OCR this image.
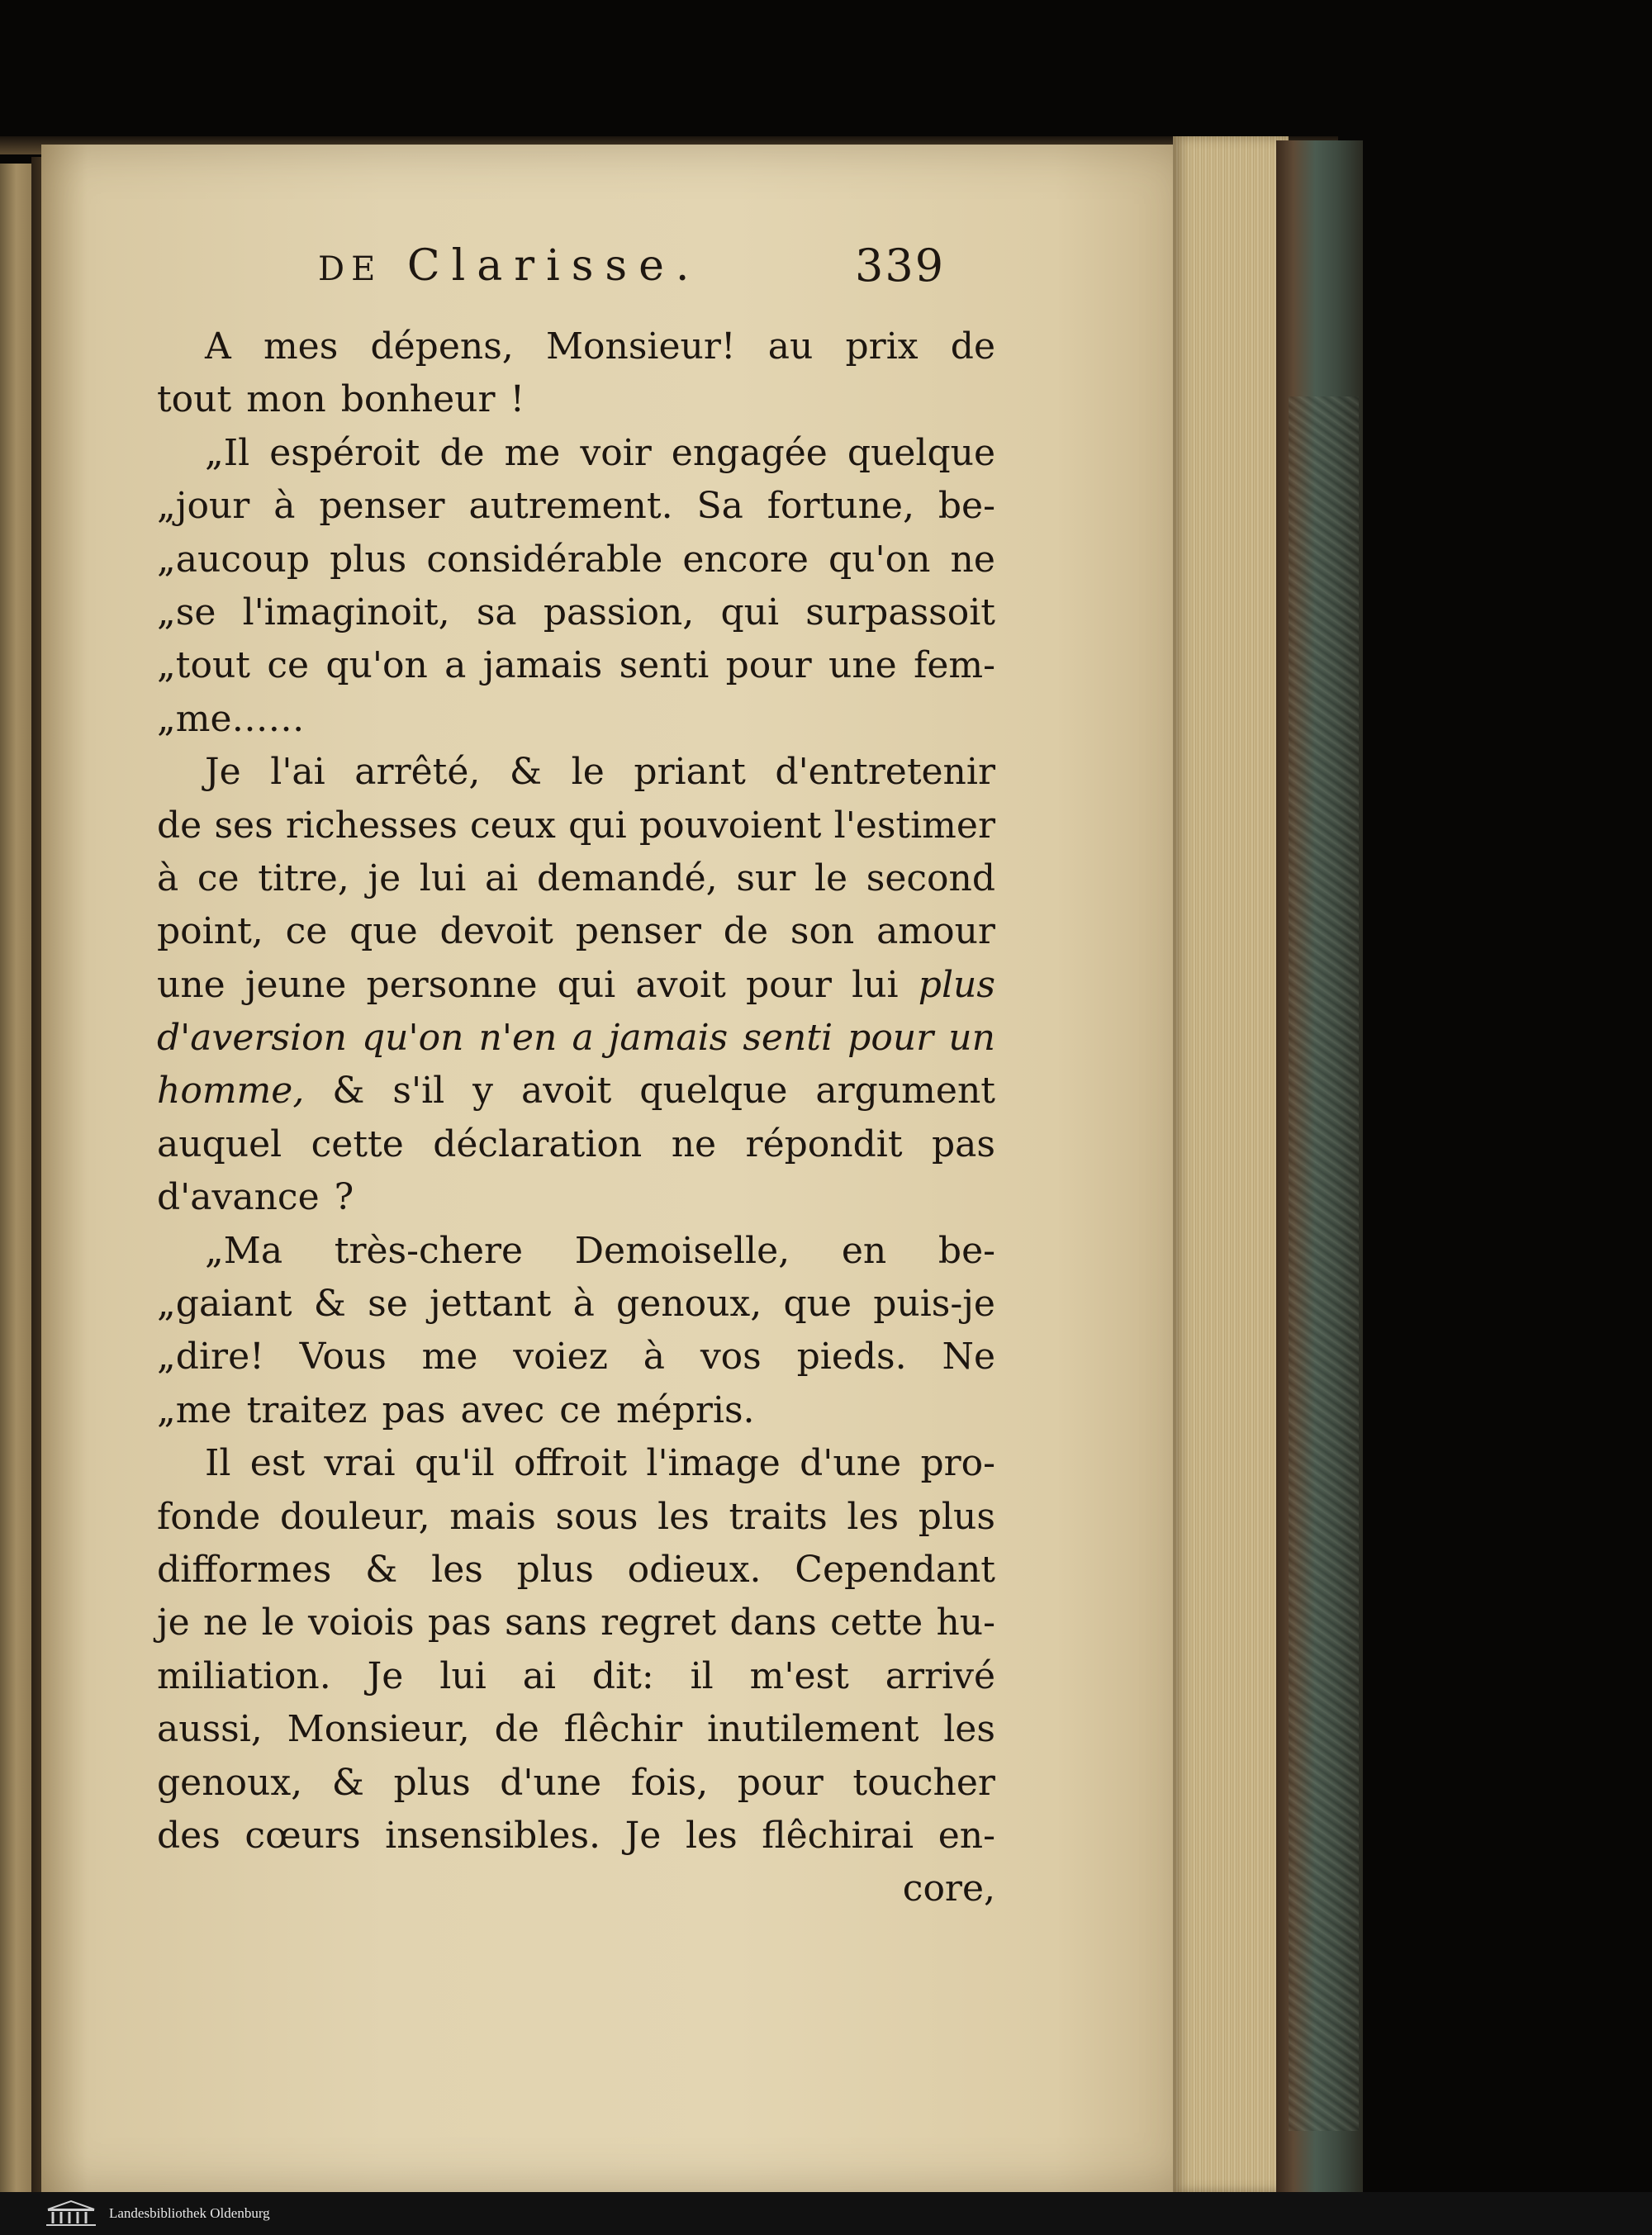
DE Clarisse.	339
A mes dépens, Monsieur! au prix de
tout mon bonheur !
„Il espéroit de me voir engagée quelque
„jour à penser autrement. Sa fortune, be-
„aucoup plus considérable encore qu'on ne
„se l'imaginoit, sa passion, qui surpassoit
„tout ce qu'on a jamais senti pour une fem-
„me……
Je l'ai arrêté, & le priant d'entretenir
de ses richesses ceux qui pouvoient l'estimer
à ce titre, je lui ai demandé, sur le second
point, ce que devoit penser de son amour
une jeune personne qui avoit pour lui plus
d'aversion qu'on n'en a jamais senti pour un
homme, & s'il y avoit quelque argument
auquel cette déclaration ne répondit pas
d'avance ?
„Ma très-chere Demoiselle, en be-
„gaiant & se jettant à genoux, que puis-je
„dire! Vous me voiez à vos pieds. Ne
„me traitez pas avec ce mépris.
Il est vrai qu'il offroit l'image d'une pro-
fonde douleur, mais sous les traits les plus
difformes & les plus odieux. Cependant
je ne le voiois pas sans regret dans cette hu-
miliation. Je lui ai dit: il m'est arrivé
aussi, Monsieur, de flêchir inutilement les
genoux, & plus d'une fois, pour toucher
des cœurs insensibles. Je les flêchirai en-
core,
Landesbibliothek Oldenburg
